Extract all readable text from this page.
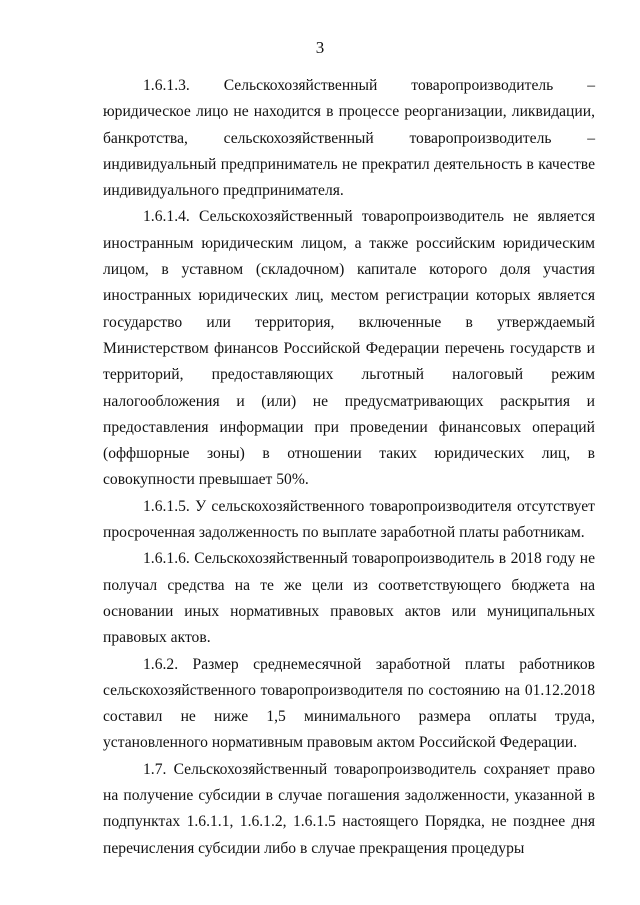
3

1.6.1.3. Сельскохозяйственный товаропроизводитель – юридическое лицо не находится в процессе реорганизации, ликвидации, банкротства, сельскохозяйственный товаропроизводитель – индивидуальный предприниматель не прекратил деятельность в качестве индивидуального предпринимателя.

1.6.1.4. Сельскохозяйственный товаропроизводитель не является иностранным юридическим лицом, а также российским юридическим лицом, в уставном (складочном) капитале которого доля участия иностранных юридических лиц, местом регистрации которых является государство или территория, включенные в утверждаемый Министерством финансов Российской Федерации перечень государств и территорий, предоставляющих льготный налоговый режим налогообложения и (или) не предусматривающих раскрытия и предоставления информации при проведении финансовых операций (оффшорные зоны) в отношении таких юридических лиц, в совокупности превышает 50%.

1.6.1.5. У сельскохозяйственного товаропроизводителя отсутствует просроченная задолженность по выплате заработной платы работникам.

1.6.1.6. Сельскохозяйственный товаропроизводитель в 2018 году не получал средства на те же цели из соответствующего бюджета на основании иных нормативных правовых актов или муниципальных правовых актов.

1.6.2. Размер среднемесячной заработной платы работников сельскохозяйственного товаропроизводителя по состоянию на 01.12.2018 составил не ниже 1,5 минимального размера оплаты труда, установленного нормативным правовым актом Российской Федерации.

1.7. Сельскохозяйственный товаропроизводитель сохраняет право на получение субсидии в случае погашения задолженности, указанной в подпунктах 1.6.1.1, 1.6.1.2, 1.6.1.5 настоящего Порядка, не позднее дня перечисления субсидии либо в случае прекращения процедуры
